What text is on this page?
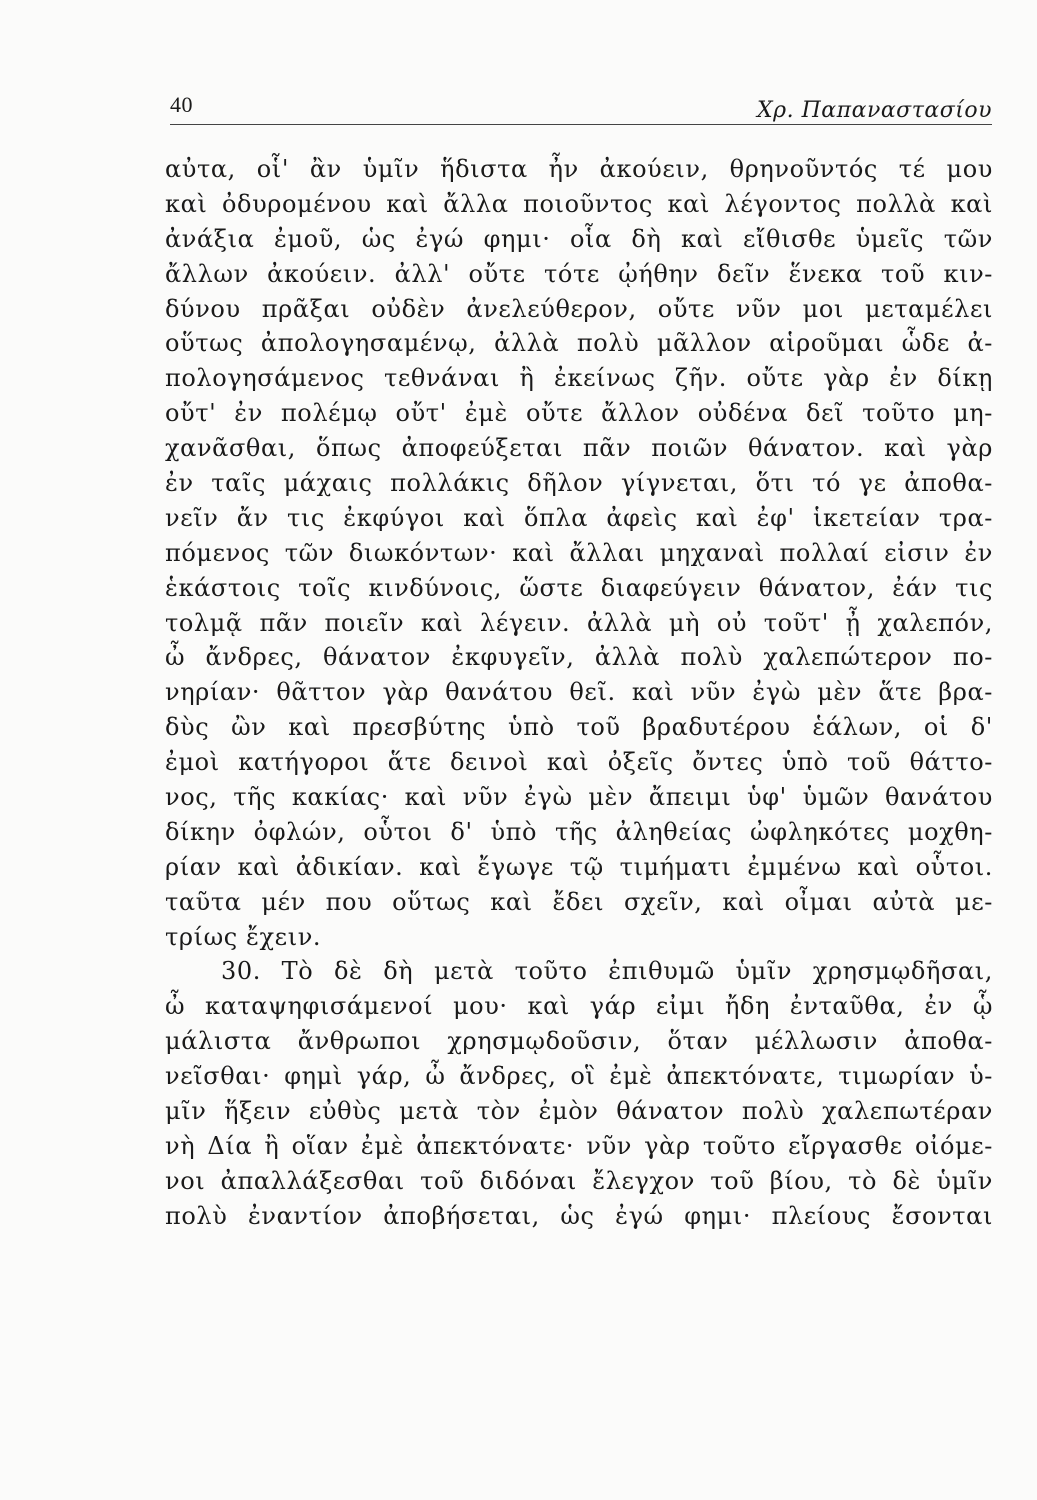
40	Χρ. Παπαναστασίου
αὐτα, οἷ' ἂν ὑμῖν ἥδιστα ἦν ἀκούειν, θρηνοῦντός τέ μου
καὶ ὀδυρομένου καὶ ἄλλα ποιοῦντος καὶ λέγοντος πολλὰ καὶ
ἀνάξια ἐμοῦ, ὡς ἐγώ φημι· οἷα δὴ καὶ εἴθισθε ὑμεῖς τῶν
ἄλλων ἀκούειν. ἀλλ' οὔτε τότε ᾠήθην δεῖν ἕνεκα τοῦ κιν-
δύνου πρᾶξαι οὐδὲν ἀνελεύθερον, οὔτε νῦν μοι μεταμέλει
οὕτως ἀπολογησαμένῳ, ἀλλὰ πολὺ μᾶλλον αἱροῦμαι ὧδε ἀ-
πολογησάμενος τεθνάναι ἢ ἐκείνως ζῆν. οὔτε γὰρ ἐν δίκῃ
οὔτ' ἐν πολέμῳ οὔτ' ἐμὲ οὔτε ἄλλον οὐδένα δεῖ τοῦτο μη-
χανᾶσθαι, ὅπως ἀποφεύξεται πᾶν ποιῶν θάνατον. καὶ γὰρ
ἐν ταῖς μάχαις πολλάκις δῆλον γίγνεται, ὅτι τό γε ἀποθα-
νεῖν ἄν τις ἐκφύγοι καὶ ὅπλα ἀφεὶς καὶ ἐφ' ἱκετείαν τρα-
πόμενος τῶν διωκόντων· καὶ ἄλλαι μηχαναὶ πολλαί εἰσιν ἐν
ἑκάστοις τοῖς κινδύνοις, ὥστε διαφεύγειν θάνατον, ἐάν τις
τολμᾷ πᾶν ποιεῖν καὶ λέγειν. ἀλλὰ μὴ οὐ τοῦτ' ᾖ χαλεπόν,
ὦ ἄνδρες, θάνατον ἐκφυγεῖν, ἀλλὰ πολὺ χαλεπώτερον πο-
νηρίαν· θᾶττον γὰρ θανάτου θεῖ. καὶ νῦν ἐγὼ μὲν ἅτε βρα-
δὺς ὢν καὶ πρεσβύτης ὑπὸ τοῦ βραδυτέρου ἑάλων, οἱ δ'
ἐμοὶ κατήγοροι ἅτε δεινοὶ καὶ ὀξεῖς ὄντες ὑπὸ τοῦ θάττο-
νος, τῆς κακίας· καὶ νῦν ἐγὼ μὲν ἄπειμι ὑφ' ὑμῶν θανάτου
δίκην ὀφλών, οὗτοι δ' ὑπὸ τῆς ἀληθείας ὠφληκότες μοχθη-
ρίαν καὶ ἀδικίαν. καὶ ἔγωγε τῷ τιμήματι ἐμμένω καὶ οὗτοι.
ταῦτα μέν που οὕτως καὶ ἔδει σχεῖν, καὶ οἶμαι αὐτὰ με-
τρίως ἔχειν.
30. Τὸ δὲ δὴ μετὰ τοῦτο ἐπιθυμῶ ὑμῖν χρησμῳδῆσαι,
ὦ καταψηφισάμενοί μου· καὶ γάρ εἰμι ἤδη ἐνταῦθα, ἐν ᾧ
μάλιστα ἄνθρωποι χρησμῳδοῦσιν, ὅταν μέλλωσιν ἀποθα-
νεῖσθαι· φημὶ γάρ, ὦ ἄνδρες, οἳ ἐμὲ ἀπεκτόνατε, τιμωρίαν ὑ-
μῖν ἥξειν εὐθὺς μετὰ τὸν ἐμὸν θάνατον πολὺ χαλεπωτέραν
νὴ Δία ἢ οἵαν ἐμὲ ἀπεκτόνατε· νῦν γὰρ τοῦτο εἴργασθε οἰόμε-
νοι ἀπαλλάξεσθαι τοῦ διδόναι ἔλεγχον τοῦ βίου, τὸ δὲ ὑμῖν
πολὺ ἐναντίον ἀποβήσεται, ὡς ἐγώ φημι· πλείους ἔσονται
